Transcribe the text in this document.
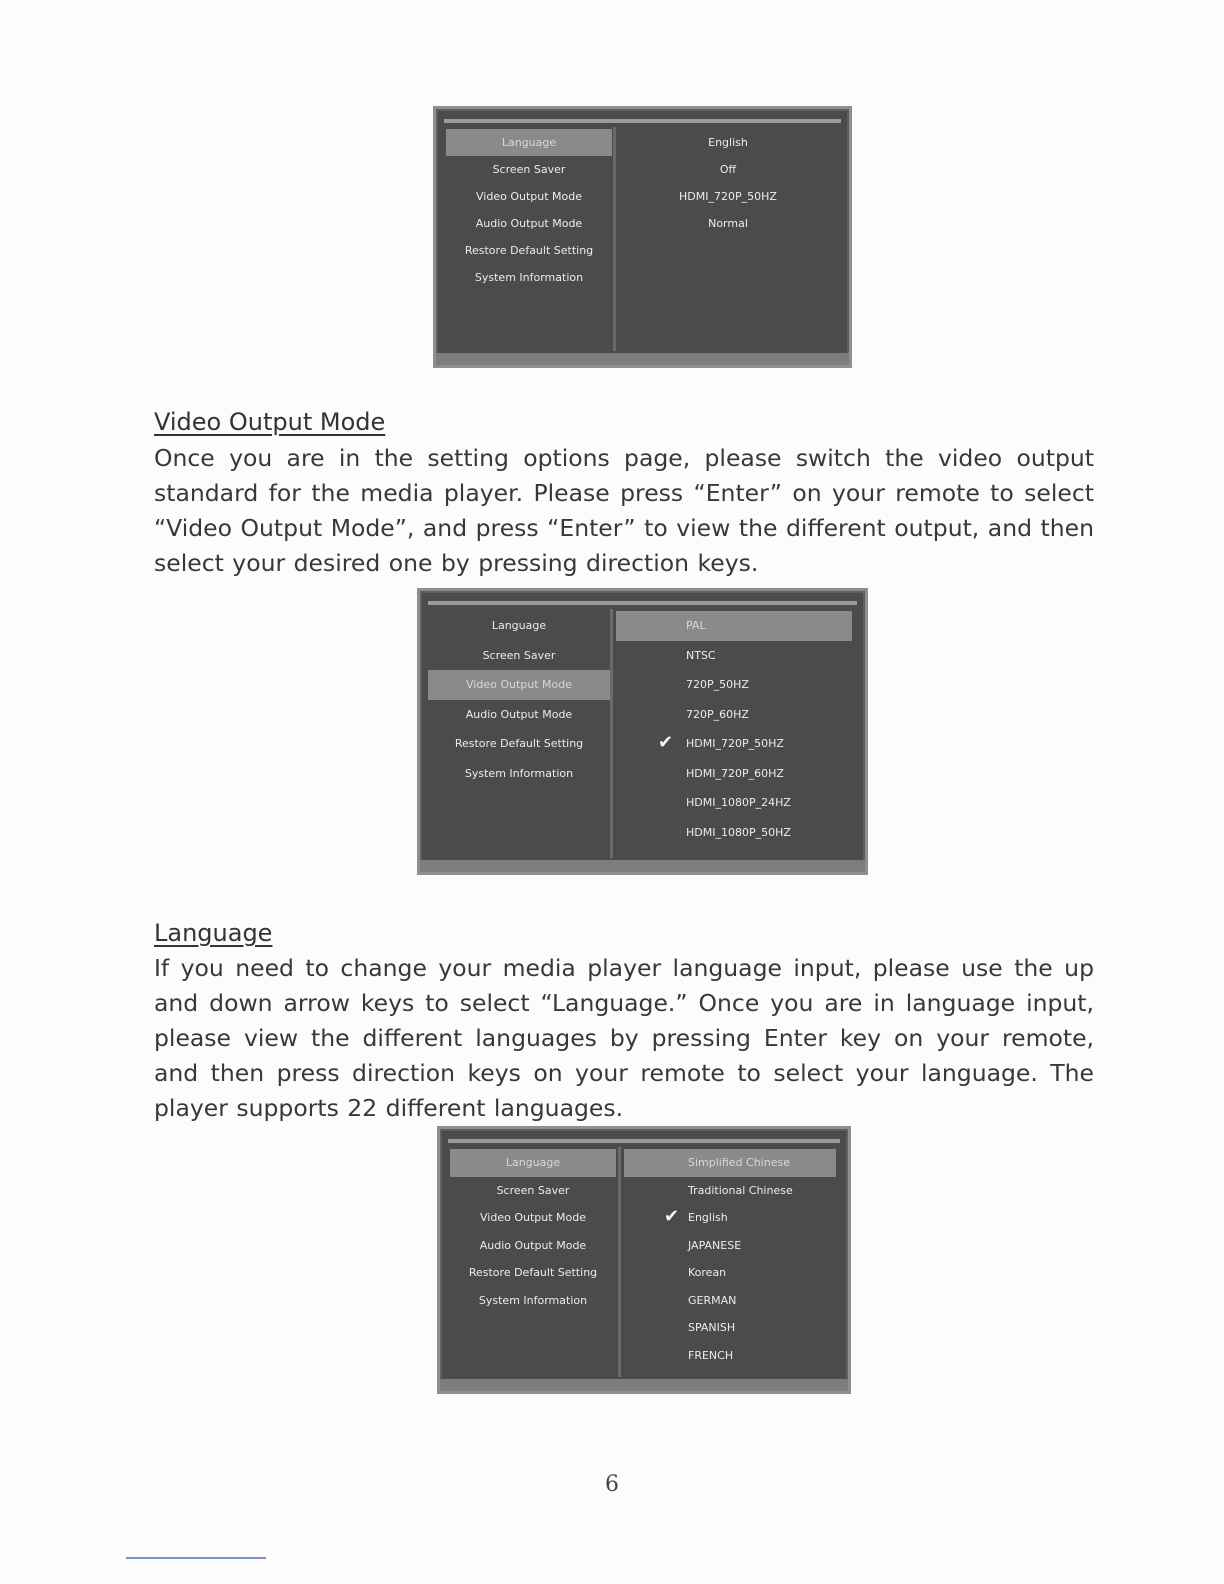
Language
Screen Saver
Video Output Mode
Audio Output Mode
Restore Default Setting
System Information
English
Off
HDMI_720P_50HZ
Normal
Video Output Mode

Once you are in the setting options page, please switch the video output standard for the media player. Please press “Enter” on your remote to select “Video Output Mode”, and press “Enter” to view the different output, and then select your desired one by pressing direction keys.

Language
Screen Saver
Video Output Mode
Audio Output Mode
Restore Default Setting
System Information
PAL
NTSC
720P_50HZ
720P_60HZ
✔ HDMI_720P_50HZ
HDMI_720P_60HZ
HDMI_1080P_24HZ
HDMI_1080P_50HZ
Language

If you need to change your media player language input, please use the up and down arrow keys to select “Language.” Once you are in language input, please view the different languages by pressing Enter key on your remote, and then press direction keys on your remote to select your language. The player supports 22 different languages.

Language
Screen Saver
Video Output Mode
Audio Output Mode
Restore Default Setting
System Information
Simplified Chinese
Traditional Chinese
✔ English
JAPANESE
Korean
GERMAN
SPANISH
FRENCH
6
